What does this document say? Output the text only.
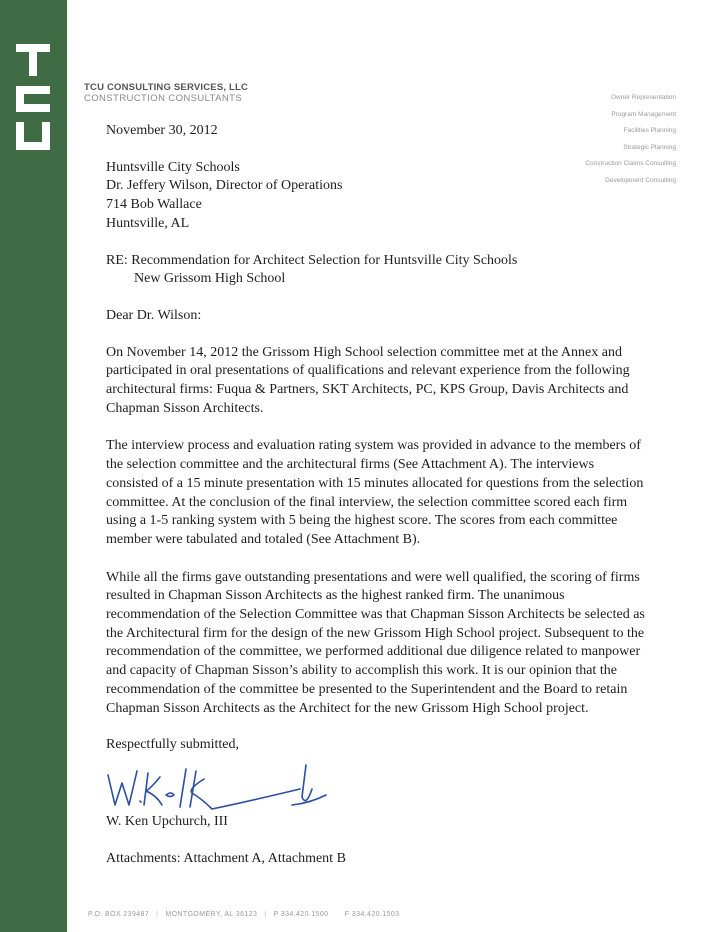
TCU CONSULTING SERVICES, LLC
CONSTRUCTION CONSULTANTS	Owner Representation
Program Management
Facilities Planning
Strategic Planning
Construction Claims Consulting
Development Consulting

November 30, 2012

Huntsville City Schools

Dr. Jeffery Wilson, Director of Operations

714 Bob Wallace

Huntsville, AL

RE: Recommendation for Architect Selection for Huntsville City Schools

New Grissom High School

Dear Dr. Wilson:

On November 14, 2012 the Grissom High School selection committee met at the Annex and participated in oral presentations of qualifications and relevant experience from the following architectural firms: Fuqua & Partners, SKT Architects, PC, KPS Group, Davis Architects and Chapman Sisson Architects.

The interview process and evaluation rating system was provided in advance to the members of the selection committee and the architectural firms (See Attachment A). The interviews consisted of a 15 minute presentation with 15 minutes allocated for questions from the selection committee. At the conclusion of the final interview, the selection committee scored each firm using a 1-5 ranking system with 5 being the highest score. The scores from each committee member were tabulated and totaled (See Attachment B).

While all the firms gave outstanding presentations and were well qualified, the scoring of firms resulted in Chapman Sisson Architects as the highest ranked firm. The unanimous recommendation of the Selection Committee was that Chapman Sisson Architects be selected as the Architectural firm for the design of the new Grissom High School project. Subsequent to the recommendation of the committee, we performed additional due diligence related to manpower and capacity of Chapman Sisson’s ability to accomplish this work. It is our opinion that the recommendation of the committee be presented to the Superintendent and the Board to retain Chapman Sisson Architects as the Architect for the new Grissom High School project.

Respectfully submitted,

W. Ken Upchurch, III

Attachments: Attachment A, Attachment B

P.O. BOX 239487 | MONTGOMERY, AL 36123 | P 334.420.1500 F 334.420.1503
